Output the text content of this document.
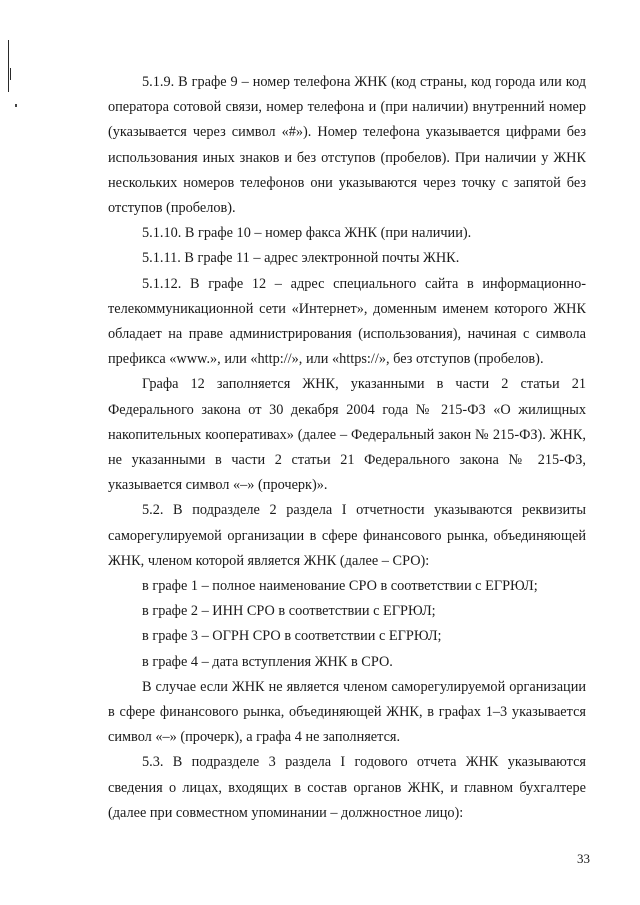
5.1.9. В графе 9 – номер телефона ЖНК (код страны, код города или код оператора сотовой связи, номер телефона и (при наличии) внутренний номер (указывается через символ «#»). Номер телефона указывается цифрами без использования иных знаков и без отступов (пробелов). При наличии у ЖНК нескольких номеров телефонов они указываются через точку с запятой без отступов (пробелов).

5.1.10. В графе 10 – номер факса ЖНК (при наличии).

5.1.11. В графе 11 – адрес электронной почты ЖНК.

5.1.12. В графе 12 – адрес специального сайта в информационно-телекоммуникационной сети «Интернет», доменным именем которого ЖНК обладает на праве администрирования (использования), начиная с символа префикса «www.», или «http://», или «https://», без отступов (пробелов).

Графа 12 заполняется ЖНК, указанными в части 2 статьи 21 Федерального закона от 30 декабря 2004 года № 215-ФЗ «О жилищных накопительных кооперативах» (далее – Федеральный закон № 215-ФЗ). ЖНК, не указанными в части 2 статьи 21 Федерального закона № 215-ФЗ, указывается символ «–» (прочерк)».

5.2. В подразделе 2 раздела I отчетности указываются реквизиты саморегулируемой организации в сфере финансового рынка, объединяющей ЖНК, членом которой является ЖНК (далее – СРО):

в графе 1 – полное наименование СРО в соответствии с ЕГРЮЛ;

в графе 2 – ИНН СРО в соответствии с ЕГРЮЛ;

в графе 3 – ОГРН СРО в соответствии с ЕГРЮЛ;

в графе 4 – дата вступления ЖНК в СРО.

В случае если ЖНК не является членом саморегулируемой организации в сфере финансового рынка, объединяющей ЖНК, в графах 1–3 указывается символ «–» (прочерк), а графа 4 не заполняется.

5.3. В подразделе 3 раздела I годового отчета ЖНК указываются сведения о лицах, входящих в состав органов ЖНК, и главном бухгалтере (далее при совместном упоминании – должностное лицо):

33
